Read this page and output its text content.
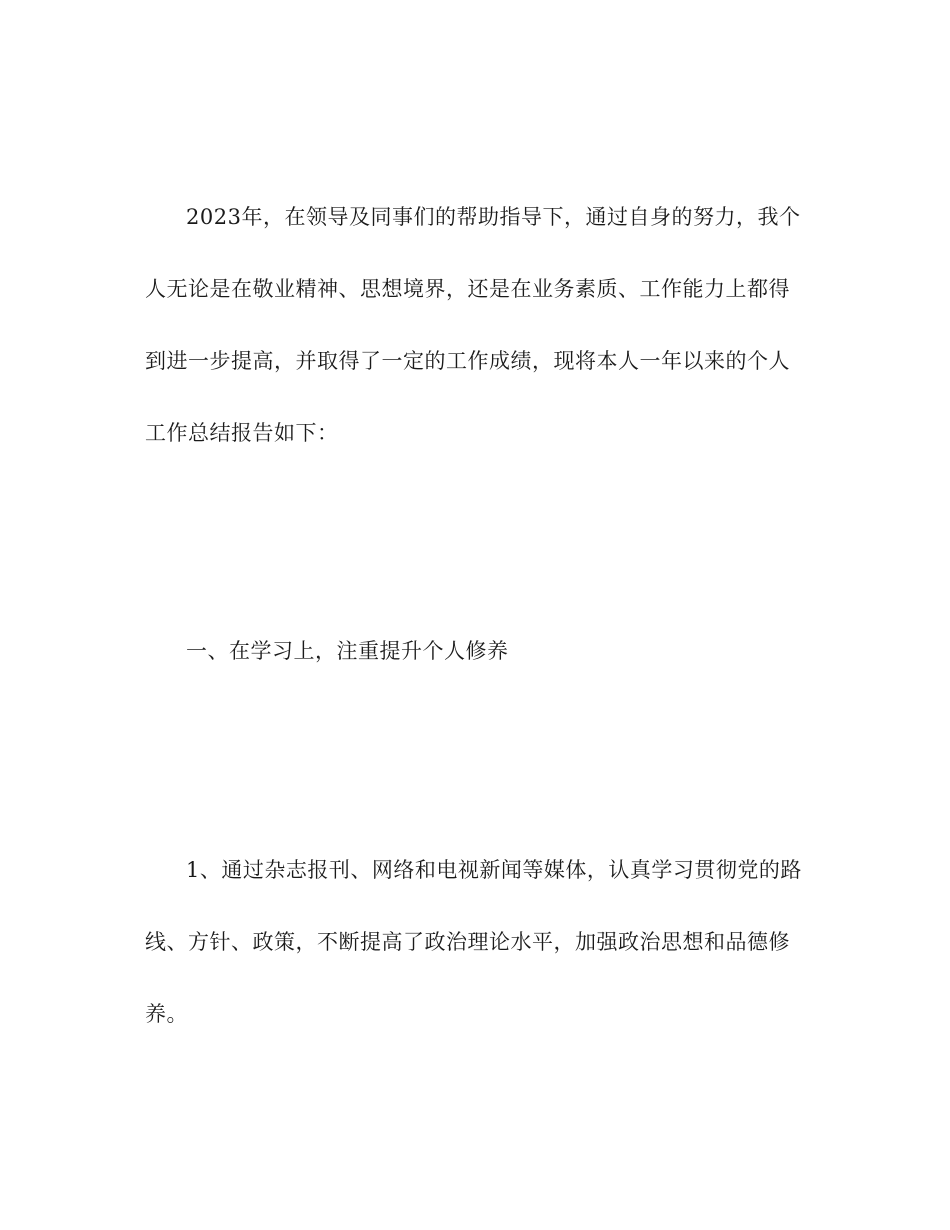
2023年，在领导及同事们的帮助指导下，通过自身的努力，我个

人无论是在敬业精神、思想境界，还是在业务素质、工作能力上都得

到进一步提高，并取得了一定的工作成绩，现将本人一年以来的个人

工作总结报告如下：

一、在学习上，注重提升个人修养

1、通过杂志报刊、网络和电视新闻等媒体，认真学习贯彻党的路

线、方针、政策，不断提高了政治理论水平，加强政治思想和品德修

养。
